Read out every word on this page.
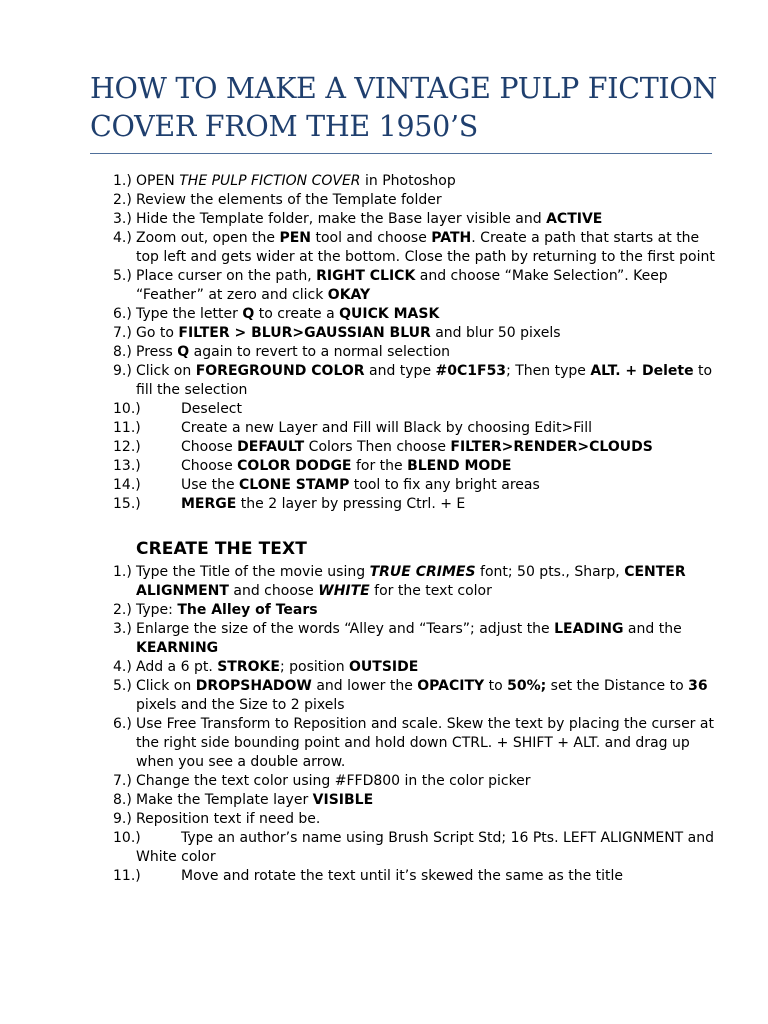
HOW TO MAKE A VINTAGE PULP FICTION
COVER FROM THE 1950’S
1.) OPEN THE PULP FICTION COVER in Photoshop
2.) Review the elements of the Template folder
3.) Hide the Template folder, make the Base layer visible and ACTIVE
4.) Zoom out, open the PEN tool and choose PATH. Create a path that starts at the
top left and gets wider at the bottom. Close the path by returning to the first point
5.) Place curser on the path, RIGHT CLICK and choose “Make Selection”. Keep
“Feather” at zero and click OKAY
6.) Type the letter Q to create a QUICK MASK
7.) Go to FILTER > BLUR>GAUSSIAN BLUR and blur 50 pixels
8.) Press Q again to revert to a normal selection
9.) Click on FOREGROUND COLOR and type #0C1F53; Then type ALT. + Delete to
fill the selection
10.)	Deselect
11.)	Create a new Layer and Fill will Black by choosing Edit>Fill
12.)	Choose DEFAULT Colors Then choose FILTER>RENDER>CLOUDS
13.)	Choose COLOR DODGE for the BLEND MODE
14.)	Use the CLONE STAMP tool to fix any bright areas
15.)	MERGE the 2 layer by pressing Ctrl. + E
CREATE THE TEXT
1.) Type the Title of the movie using TRUE CRIMES font; 50 pts., Sharp, CENTER
ALIGNMENT and choose WHITE for the text color
2.) Type: The Alley of Tears
3.) Enlarge the size of the words “Alley and “Tears”; adjust the LEADING and the
KEARNING
4.) Add a 6 pt. STROKE; position OUTSIDE
5.) Click on DROPSHADOW and lower the OPACITY to 50%; set the Distance to 36
pixels and the Size to 2 pixels
6.) Use Free Transform to Reposition and scale. Skew the text by placing the curser at
the right side bounding point and hold down CTRL. + SHIFT + ALT. and drag up
when you see a double arrow.
7.) Change the text color using #FFD800 in the color picker
8.) Make the Template layer VISIBLE
9.) Reposition text if need be.
10.)	Type an author’s name using Brush Script Std; 16 Pts. LEFT ALIGNMENT and
White color
11.)	Move and rotate the text until it’s skewed the same as the title
